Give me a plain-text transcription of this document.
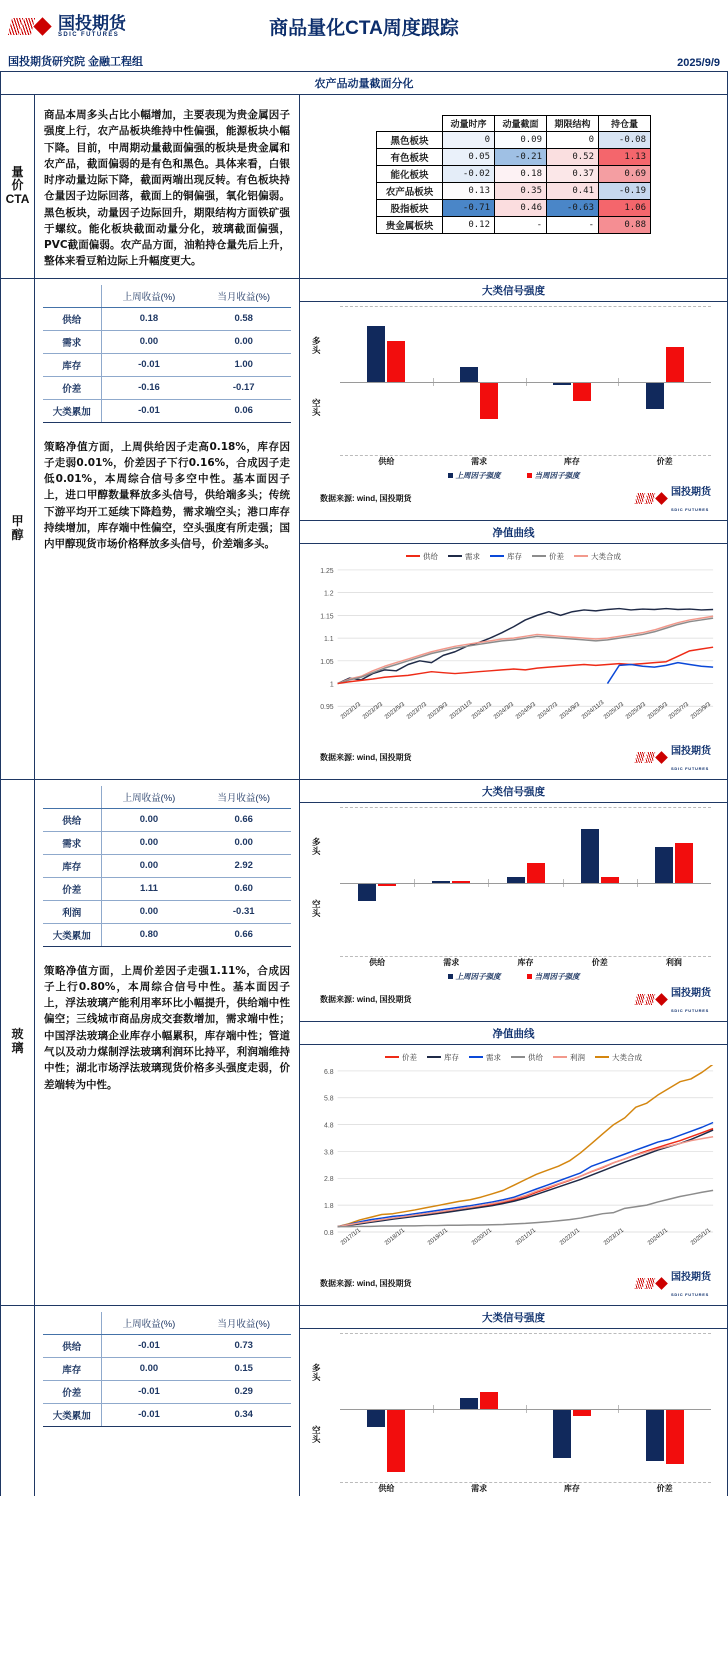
国投期货
SDIC FUTURES	商品量化CTA周度跟踪
国投期货研究院 金融工程组	2025/9/9
农产品动量截面分化
量
价
CTA
商品本周多头占比小幅增加，主要表现为贵金属因子强度上行，农产品板块维持中性偏强，能源板块小幅下降。目前，中周期动量截面偏强的板块是贵金属和农产品，截面偏弱的是有色和黑色。具体来看，白银时序动量边际下降，截面两端出现反转。有色板块持仓量因子边际回落，截面上的铜偏强，氧化铝偏弱。黑色板块，动量因子边际回升，期限结构方面铁矿强于螺纹。能化板块截面动量分化，玻璃截面偏强，PVC截面偏弱。农产品方面，油粕持仓量先后上升，整体来看豆粕边际上升幅度更大。
	动量时序	动量截面	期限结构	持仓量
黑色板块	0	0.09	0	-0.08
有色板块	0.05	-0.21	0.52	1.13
能化板块	-0.02	0.18	0.37	0.69
农产品板块	0.13	0.35	0.41	-0.19
股指板块	-0.71	0.46	-0.63	1.06
贵金属板块	0.12	-	-	0.88
甲
醇
	上周收益(%)	当月收益(%)
供给	0.18	0.58
需求	0.00	0.00
库存	-0.01	1.00
价差	-0.16	-0.17
大类累加	-0.01	0.06
策略净值方面，上周供给因子走高0.18%，库存因子走弱0.01%，价差因子下行0.16%，合成因子走低0.01%，本周综合信号多空中性。基本面因子上，进口甲醇数量释放多头信号，供给端多头；传统下游平均开工延续下降趋势，需求端空头；港口库存持续增加，库存端中性偏空，空头强度有所走强；国内甲醇现货市场价格释放多头信号，价差端多头。
大类信号强度
多
头
空
头
供给	需求	库存	价差
上周因子强度	当周因子强度
数据来源: wind, 国投期货
国投期货
SDIC FUTURES
净值曲线
供给	需求	库存	价差	大类合成
1.25
1.2
1.15
1.1
1.05
1
0.95 2023/1/3 2023/3/3 2023/5/3 2023/7/3 2023/9/3 2023/11/3
2024/1/3 2024/3/3 2024/5/3 2024/7/3 2024/9/3 2024/11/3
2025/1/3 2025/3/3 2025/5/3 2025/7/3 2025/9/3
数据来源: wind, 国投期货
国投期货
SDIC FUTURES
玻
璃
	上周收益(%)	当月收益(%)
供给	0.00	0.66
需求	0.00	0.00
库存	0.00	2.92
价差	1.11	0.60
利润	0.00	-0.31
大类累加	0.80	0.66
策略净值方面，上周价差因子走强1.11%，合成因子上行0.80%，本周综合信号中性。基本面因子上，浮法玻璃产能利用率环比小幅提升，供给端中性偏空；三线城市商品房成交套数增加，需求端中性；中国浮法玻璃企业库存小幅累积，库存端中性；管道气以及动力煤制浮法玻璃利润环比持平，利润端维持中性；湖北市场浮法玻璃现货价格多头强度走弱，价差端转为中性。
大类信号强度
多
头
空
头
供给	需求	库存	价差	利润
上周因子强度	当周因子强度
数据来源: wind, 国投期货
国投期货
SDIC FUTURES
净值曲线
价差	库存	需求	供给	利润	大类合成
6.8
5.8
4.8
3.8
2.8
1.8
0.8 2017/1/1	2018/1/1	2019/1/1	2020/1/1	2021/1/1	2022/1/1	2023/1/1	2024/1/1	2025/1/1
数据来源: wind, 国投期货
国投期货
SDIC FUTURES
	上周收益(%)	当月收益(%)
供给	-0.01	0.73
库存	0.00	0.15
价差	-0.01	0.29
大类累加	-0.01	0.34
大类信号强度
多
头
空
头
供给	需求	库存	价差
